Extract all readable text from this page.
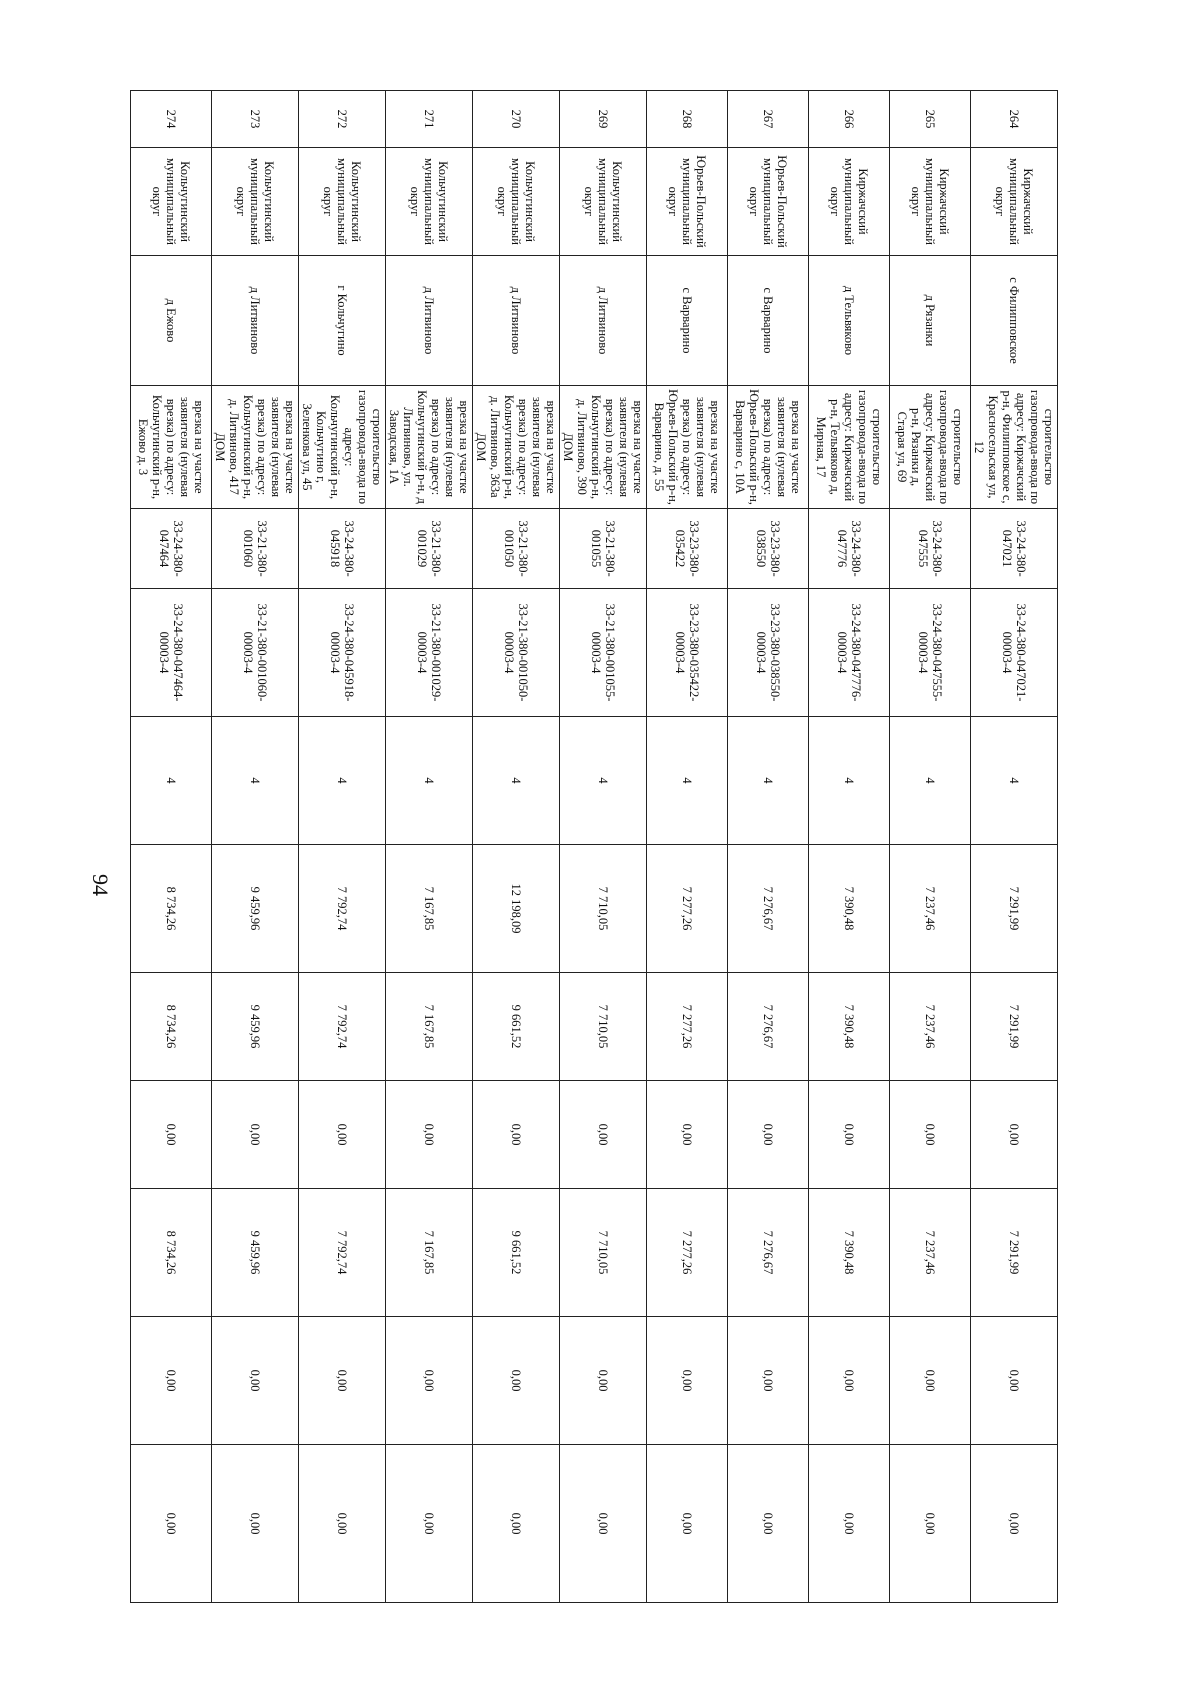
94
264	Киржачский муниципальный округ	с Филипповское	строительство газопровода-ввода по адресу: Киржачский р-н, Филипповское с, Красносельская ул, 12	33-24-380-047021	33-24-380-047021-00003-4	4	7 291,99	7 291,99	0,00	7 291,99	0,00	0,00
265	Киржачский муниципальный округ	д Рязанки	строительство газопровода-ввода по адресу: Киржачский р-н, Рязанки д, Старая ул, 69	33-24-380-047555	33-24-380-047555-00003-4	4	7 237,46	7 237,46	0,00	7 237,46	0,00	0,00
266	Киржачский муниципальный округ	д Тельвяково	строительство газопровода-ввода по адресу: Киржачский р-н, Тельвяково д, Мирная, 17	33-24-380-047776	33-24-380-047776-00003-4	4	7 390,48	7 390,48	0,00	7 390,48	0,00	0,00
267	Юрьев-Польский муниципальный округ	с Варварино	врезка на участке заявителя (нулевая врезка) по адресу: Юрьев-Польский р-н, Варварино с, 10А	33-23-380-038550	33-23-380-038550-00003-4	4	7 276,67	7 276,67	0,00	7 276,67	0,00	0,00
268	Юрьев-Польский муниципальный округ	с Варварино	врезка на участке заявителя (нулевая врезка) по адресу: Юрьев-Польский р-н, Варварино, д. 55	33-23-380-035422	33-23-380-035422-00003-4	4	7 277,26	7 277,26	0,00	7 277,26	0,00	0,00
269	Кольчугинский муниципальный округ	д Литвиново	врезка на участке заявителя (нулевая врезка) по адресу: Кольчугинский р-н, д. Литвиново, 390 ДОМ	33-21-380-001055	33-21-380-001055-00003-4	4	7 710,05	7 710,05	0,00	7 710,05	0,00	0,00
270	Кольчугинский муниципальный округ	д Литвиново	врезка на участке заявителя (нулевая врезка) по адресу: Кольчугинский р-н, д. Литвиново, 363а ДОМ	33-21-380-001050	33-21-380-001050-00003-4	4	12 198,09	9 661,52	0,00	9 661,52	0,00	0,00
271	Кольчугинский муниципальный округ	д Литвиново	врезка на участке заявителя (нулевая врезка) по адресу: Кольчугинский р-н, д Литвиново, ул. Заводская, 1А	33-21-380-001029	33-21-380-001029-00003-4	4	7 167,85	7 167,85	0,00	7 167,85	0,00	0,00
272	Кольчугинский муниципальный округ	г Кольчугино	строительство газопровода-ввода по адресу: Кольчугинский р-н, Кольчугино г, Зеленкова ул, 45	33-24-380-045918	33-24-380-045918-00003-4	4	7 792,74	7 792,74	0,00	7 792,74	0,00	0,00
273	Кольчугинский муниципальный округ	д Литвиново	врезка на участке заявителя (нулевая врезка) по адресу: Кольчугинский р-н, д. Литвиново, 417 ДОМ	33-21-380-001060	33-21-380-001060-00003-4	4	9 459,96	9 459,96	0,00	9 459,96	0,00	0,00
274	Кольчугинский муниципальный округ	д Ежово	врезка на участке заявителя (нулевая врезка) по адресу: Кольчугинский р-н, Ежово д. 3	33-24-380-047464	33-24-380-047464-00003-4	4	8 734,26	8 734,26	0,00	8 734,26	0,00	0,00
